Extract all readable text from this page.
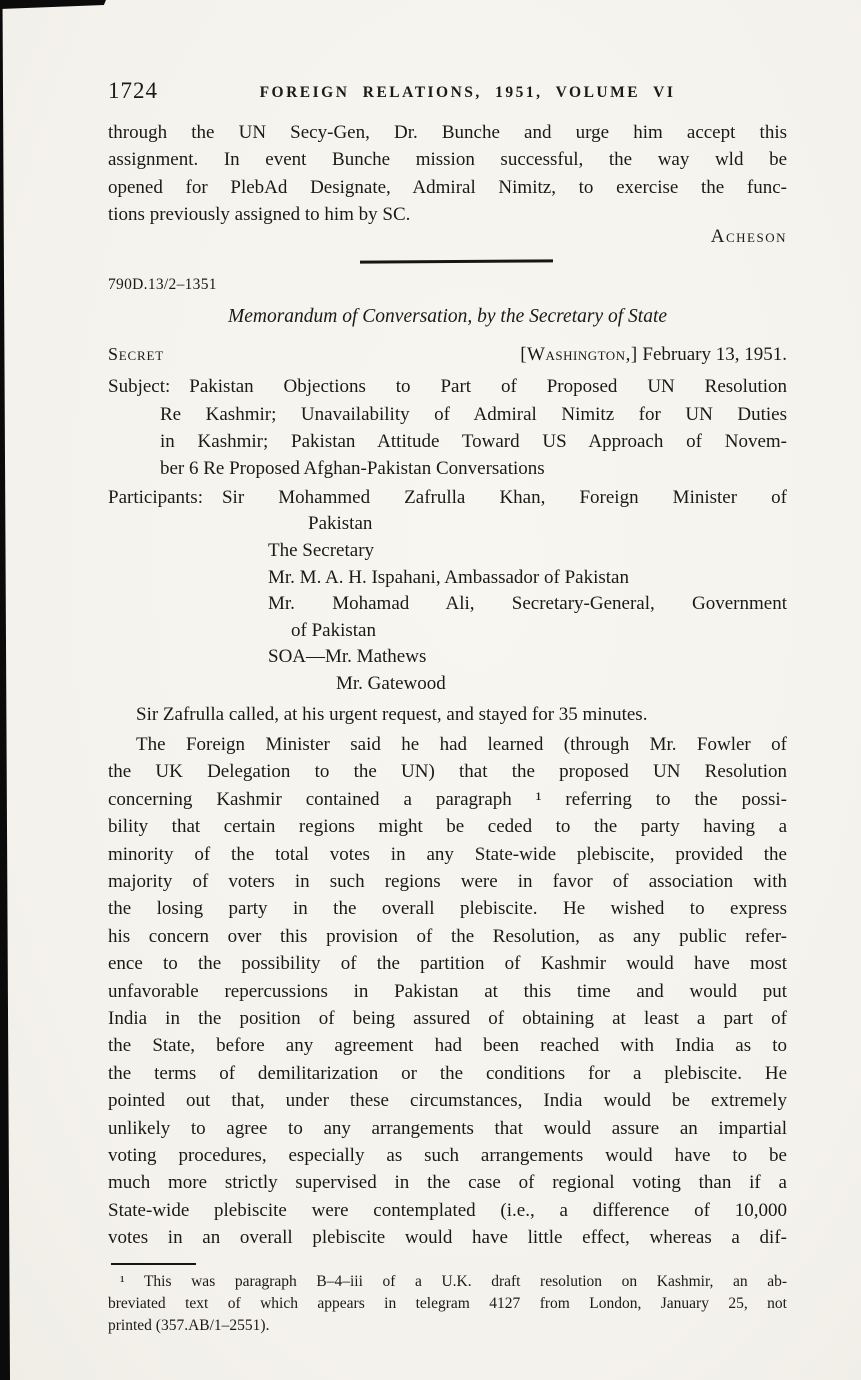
1724	FOREIGN RELATIONS, 1951, VOLUME VI
through the UN Secy-Gen, Dr. Bunche and urge him accept this
assignment. In event Bunche mission successful, the way wld be
opened for PlebAd Designate, Admiral Nimitz, to exercise the func-
tions previously assigned to him by SC.
Acheson
790D.13/2–1351
Memorandum of Conversation, by the Secretary of State
Secret	[Washington,] February 13, 1951.
Subject: Pakistan Objections to Part of Proposed UN Resolution
Re Kashmir; Unavailability of Admiral Nimitz for UN Duties
in Kashmir; Pakistan Attitude Toward US Approach of Novem-
ber 6 Re Proposed Afghan-Pakistan Conversations
Participants: Sir Mohammed Zafrulla Khan, Foreign Minister of
Pakistan
The Secretary
Mr. M. A. H. Ispahani, Ambassador of Pakistan
Mr. Mohamad Ali, Secretary-General, Government
of Pakistan
SOA—Mr. Mathews
Mr. Gatewood
Sir Zafrulla called, at his urgent request, and stayed for 35 minutes.
The Foreign Minister said he had learned (through Mr. Fowler of
the UK Delegation to the UN) that the proposed UN Resolution
concerning Kashmir contained a paragraph ¹ referring to the possi-
bility that certain regions might be ceded to the party having a
minority of the total votes in any State-wide plebiscite, provided the
majority of voters in such regions were in favor of association with
the losing party in the overall plebiscite. He wished to express
his concern over this provision of the Resolution, as any public refer-
ence to the possibility of the partition of Kashmir would have most
unfavorable repercussions in Pakistan at this time and would put
India in the position of being assured of obtaining at least a part of
the State, before any agreement had been reached with India as to
the terms of demilitarization or the conditions for a plebiscite. He
pointed out that, under these circumstances, India would be extremely
unlikely to agree to any arrangements that would assure an impartial
voting procedures, especially as such arrangements would have to be
much more strictly supervised in the case of regional voting than if a
State-wide plebiscite were contemplated (i.e., a difference of 10,000
votes in an overall plebiscite would have little effect, whereas a dif-
¹ This was paragraph B–4–iii of a U.K. draft resolution on Kashmir, an ab-
breviated text of which appears in telegram 4127 from London, January 25, not
printed (357.AB/1–2551).
